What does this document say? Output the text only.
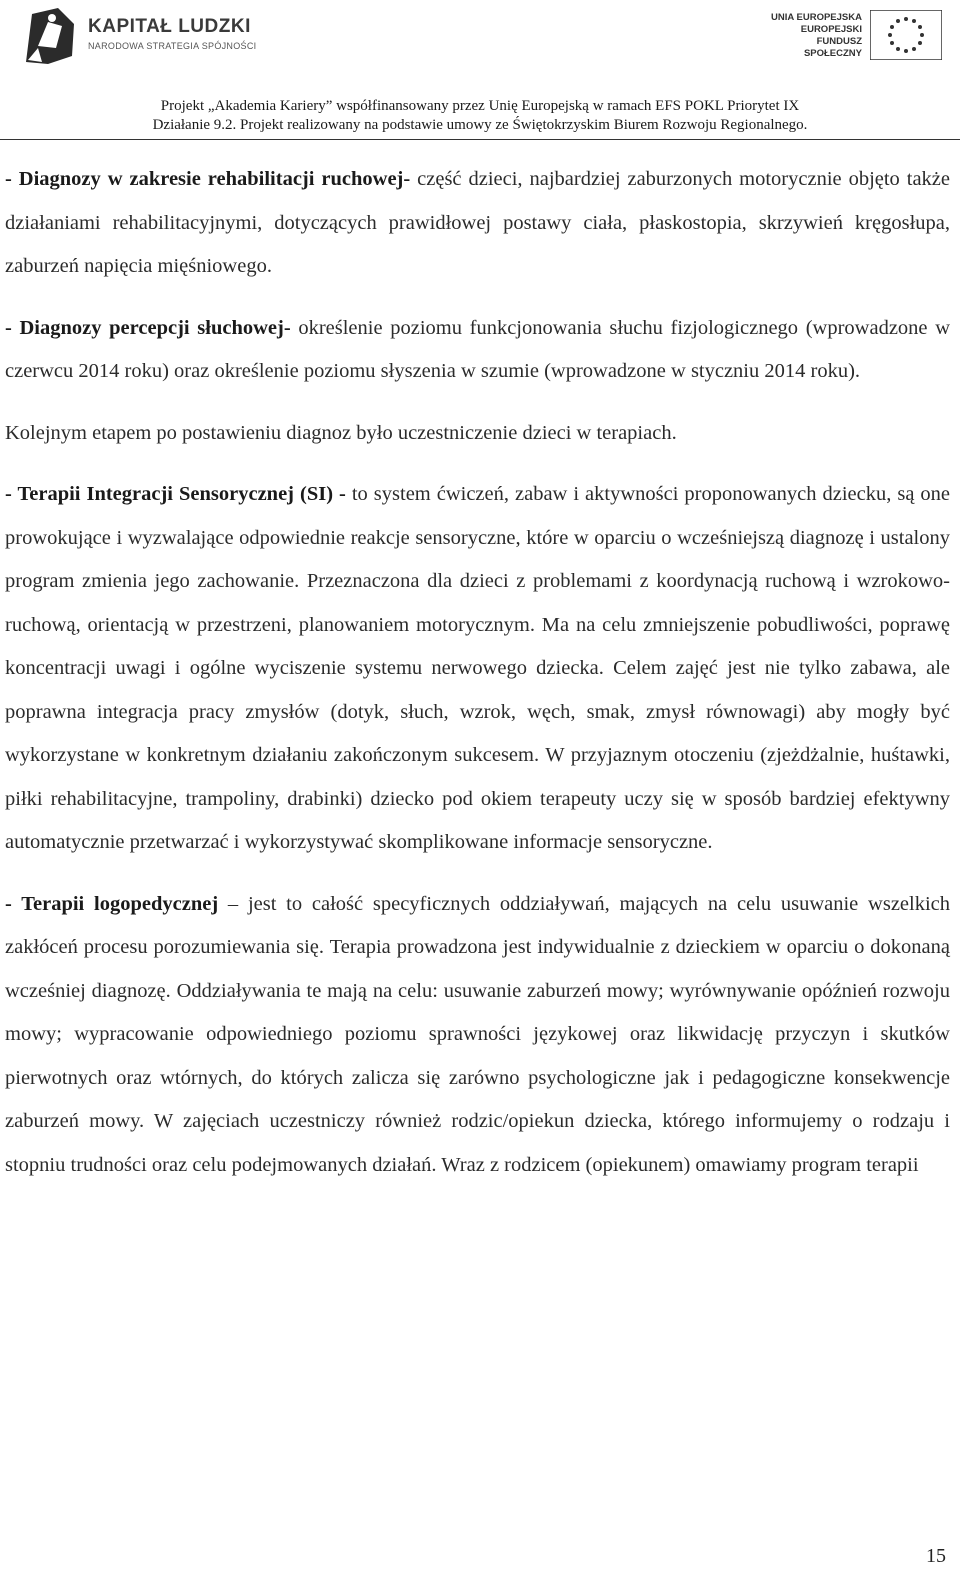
KAPITAŁ LUDZKI
NARODOWA STRATEGIA SPÓJNOŚCI
UNIA EUROPEJSKA
EUROPEJSKI
FUNDUSZ SPOŁECZNY
Projekt „Akademia Kariery” współfinansowany przez Unię Europejską w ramach EFS POKL Priorytet IX
Działanie 9.2. Projekt realizowany na podstawie umowy ze Świętokrzyskim Biurem Rozwoju Regionalnego.

- Diagnozy w zakresie rehabilitacji ruchowej- część dzieci, najbardziej zaburzonych motorycznie objęto także działaniami rehabilitacyjnymi, dotyczących prawidłowej postawy ciała, płaskostopia, skrzywień kręgosłupa, zaburzeń napięcia mięśniowego.

- Diagnozy percepcji słuchowej- określenie poziomu funkcjonowania słuchu fizjologicznego (wprowadzone w czerwcu 2014 roku) oraz określenie poziomu słyszenia w szumie (wprowadzone w styczniu 2014 roku).

Kolejnym etapem po postawieniu diagnoz było uczestniczenie dzieci w terapiach.

- Terapii Integracji Sensorycznej (SI) - to system ćwiczeń, zabaw i aktywności proponowanych dziecku, są one prowokujące i wyzwalające odpowiednie reakcje sensoryczne, które w oparciu o wcześniejszą diagnozę i ustalony program zmienia jego zachowanie. Przeznaczona dla dzieci z problemami z koordynacją ruchową i wzrokowo-ruchową, orientacją w przestrzeni, planowaniem motorycznym. Ma na celu zmniejszenie pobudliwości, poprawę koncentracji uwagi i ogólne wyciszenie systemu nerwowego dziecka. Celem zajęć jest nie tylko zabawa, ale poprawna integracja pracy zmysłów (dotyk, słuch, wzrok, węch, smak, zmysł równowagi) aby mogły być wykorzystane w konkretnym działaniu zakończonym sukcesem. W przyjaznym otoczeniu (zjeżdżalnie, huśtawki, piłki rehabilitacyjne, trampoliny, drabinki) dziecko pod okiem terapeuty uczy się w sposób bardziej efektywny automatycznie przetwarzać i wykorzystywać skomplikowane informacje sensoryczne.

- Terapii logopedycznej – jest to całość specyficznych oddziaływań, mających na celu usuwanie wszelkich zakłóceń procesu porozumiewania się. Terapia prowadzona jest indywidualnie z dzieckiem w oparciu o dokonaną wcześniej diagnozę. Oddziaływania te mają na celu: usuwanie zaburzeń mowy; wyrównywanie opóźnień rozwoju mowy; wypracowanie odpowiedniego poziomu sprawności językowej oraz likwidację przyczyn i skutków pierwotnych oraz wtórnych, do których zalicza się zarówno psychologiczne jak i pedagogiczne konsekwencje zaburzeń mowy. W zajęciach uczestniczy również rodzic/opiekun dziecka, którego informujemy o rodzaju i stopniu trudności oraz celu podejmowanych działań. Wraz z rodzicem (opiekunem) omawiamy program terapii

15
